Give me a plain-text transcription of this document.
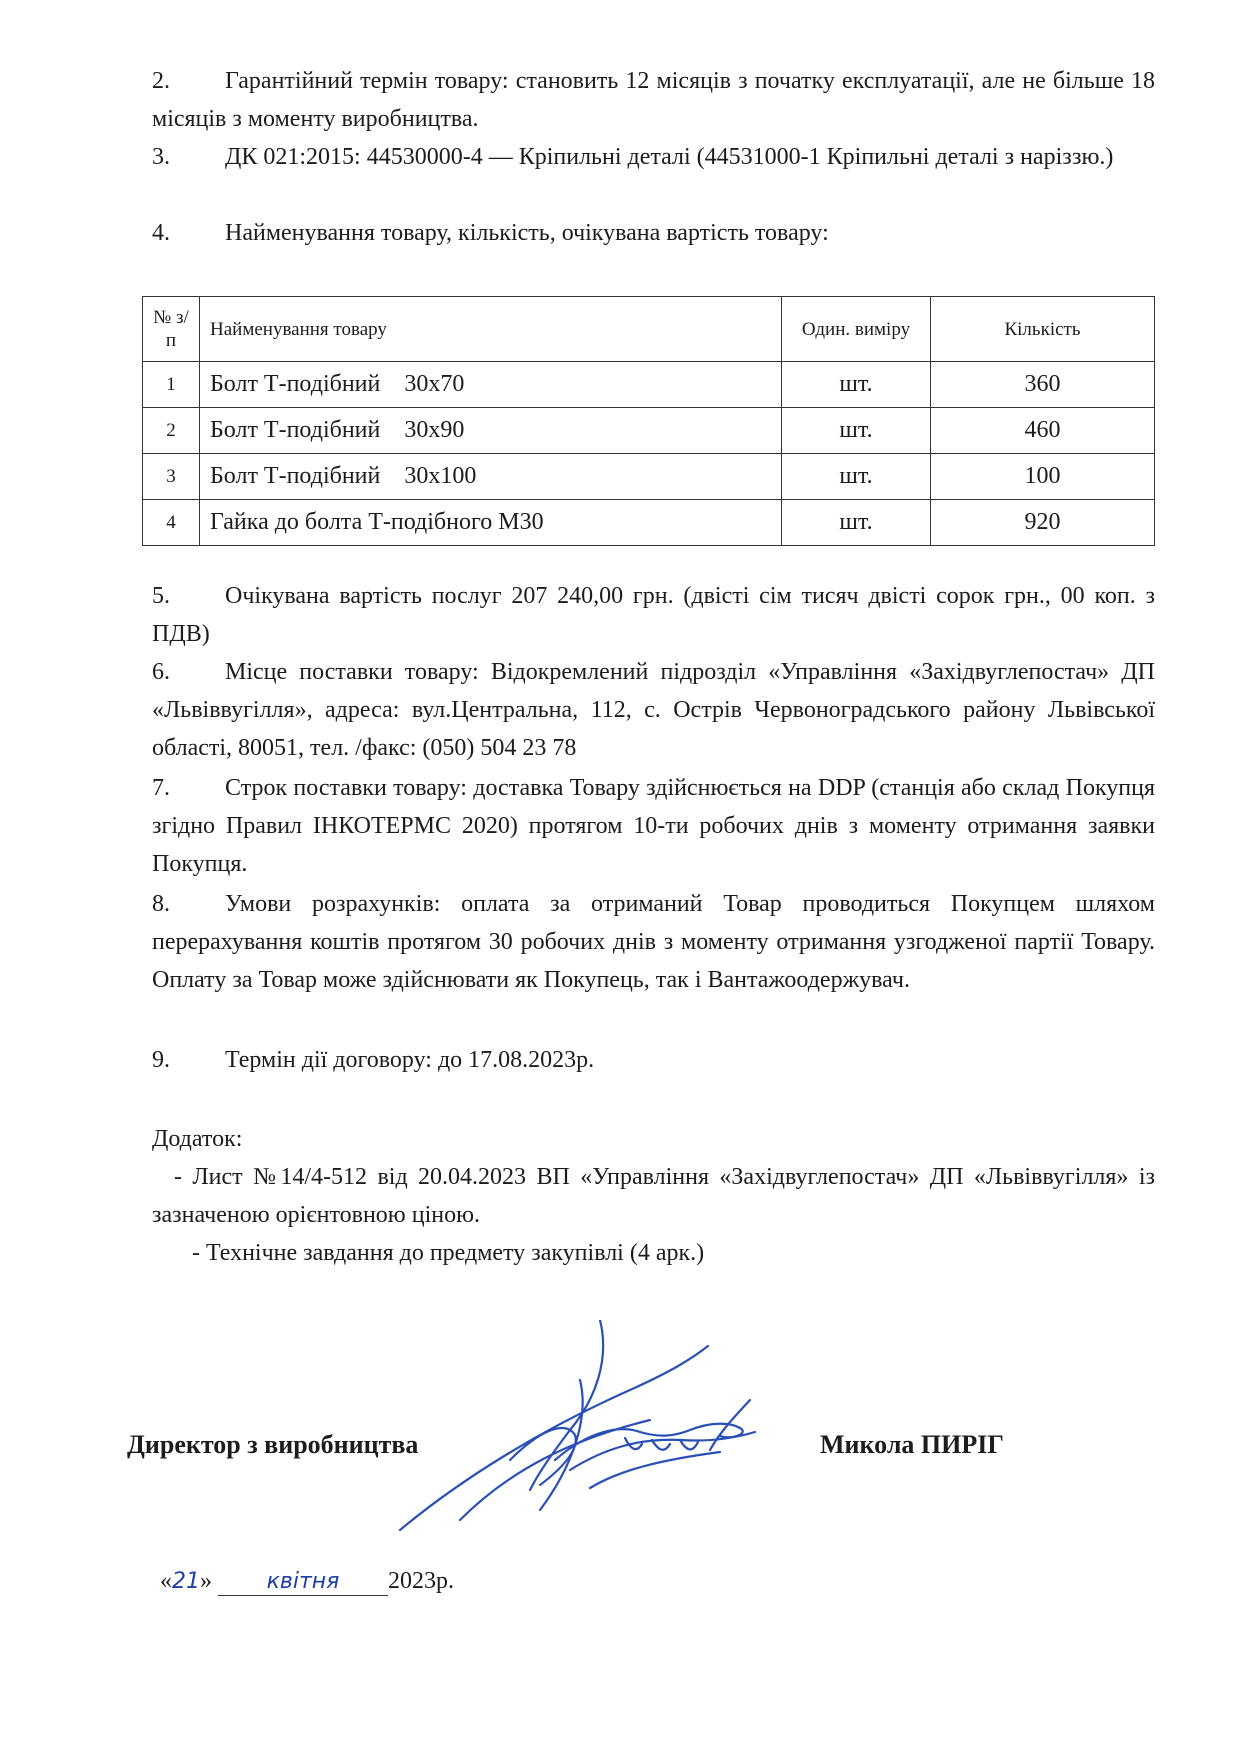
2. Гарантійний термін товару: становить 12 місяців з початку експлуатації, але не більше 18 місяців з моменту виробництва.

3. ДК 021:2015: 44530000-4 — Кріпильні деталі (44531000-1 Кріпильні деталі з наріззю.)

4. Найменування товару, кількість, очікувана вартість товару:

№ з/п	Найменування товару	Один. виміру	Кількість
1	Болт Т-подібний    30х70	шт.	360
2	Болт Т-подібний    30х90	шт.	460
3	Болт Т-подібний    30х100	шт.	100
4	Гайка до болта Т-подібного М30	шт.	920

5. Очікувана вартість послуг 207 240,00 грн. (двісті сім тисяч двісті сорок грн., 00 коп. з ПДВ)

6. Місце поставки товару: Відокремлений підрозділ «Управління «Західвуглепостач» ДП «Львіввугілля», адреса: вул.Центральна, 112, с. Острів Червоноградського району Львівської області, 80051, тел. /факс: (050) 504 23 78

7. Строк поставки товару: доставка Товару здійснюється на DDP (станція або склад Покупця згідно Правил ІНКОТЕРМС 2020) протягом 10-ти робочих днів з моменту отримання заявки Покупця.

8. Умови розрахунків: оплата за отриманий Товар проводиться Покупцем шляхом перерахування коштів протягом 30 робочих днів з моменту отримання узгодженої партії Товару. Оплату за Товар може здійснювати як Покупець, так і Вантажоодержувач.

9. Термін дії договору: до 17.08.2023р.

Додаток:

- Лист №14/4-512 від 20.04.2023 ВП «Управління «Західвуглепостач» ДП «Львіввугілля» із зазначеною орієнтовною ціною.

- Технічне завдання до предмету закупівлі (4 арк.)

Директор з виробництва	Микола ПИРІГ
«21» квітня 2023р.
